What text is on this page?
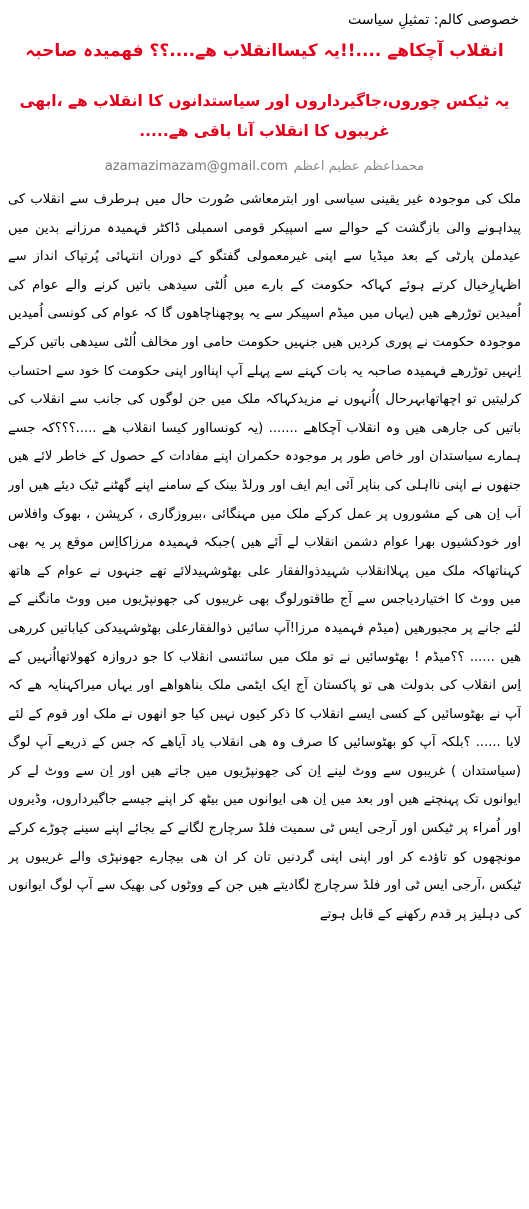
خصوصی کالم: تمثیلِ سیاست
انقلاب آچکاھے ....!!یہ کیساانقلاب ھے....؟؟ فھمیدہ صاحبہ
یہ ٹیکس چوروں،جاگیرداروں اور سیاستدانوں کا انقلاب ھے ،ابھی غریبوں کا انقلاب آنا باقی ھے.....
azamazimazam@gmail.com محمداعظم عظیم اعظم
ملک کی موجودہ غیر یقینی سیاسی اور ابترمعاشی صُورت حال میں ہرطرف سے انقلاب کی پیداہونے والی بازگشت کے حوالے سے اسپیکر قومی اسمبلی ڈاکٹر فہمیدہ مرزانے بدین میں عیدملن پارٹی کے بعد میڈیا سے اپنی غیرمعمولی گفتگو کے دوران انتہائی پُرتپاک انداز سے اظہارِخیال کرتے ہوئے کہاکہ حکومت کے بارے میں اُلٹی سیدھی باتیں کرنے والے عوام کی اُمیدیں توڑرھے ھیں (یہاں میں میڈم اسپیکر سے یہ پوچھناچاھوں گا کہ عوام کی کونسی اُمیدیں موجودہ حکومت نے پوری کردیں ھیں جنہیں حکومت حامی اور مخالف اُلٹی سیدھی باتیں کرکے اِنہیں توڑرھے فہمیدہ صاحبہ یہ بات کہنے سے پہلے آپ اپنااور اپنی حکومت کا خود سے احتساب کرلیتیں تو اچھاتھابہرحال )اُنہوں نے مزیدکہاکہ ملک میں جن لوگوں کی جانب سے انقلاب کی باتیں کی جارھی ھیں وہ انقلاب آچکاھے ....... (یہ کونسااور کیسا انقلاب ھے .....؟؟؟کہ جسے ہمارے سیاستدان اور خاص طور پر موجودہ حکمران اپنے مفادات کے حصول کے خاطر لائے ھیں جنھوں نے اپنی نااہلی کی بناپر آئی ایم ایف اور ورلڈ بینک کے سامنے اپنے گھٹنے ٹیک دیئے ھیں اور اَب اِن ھی کے مشوروں پر عمل کرکے ملک میں مہنگائی ،بیروزگاری ، کرپشن ، بھوک وافلاس اور خودکشیوں بھرا عوام دشمن انقلاب لے آئے ھیں )جبکہ فہمیدہ مرزاکااِس موقع پر یہ بھی کہناتھاکہ ملک میں پہلاانقلاب شہیدذوالفقار علی بھٹوشہیدلائے تھے جنہوں نے عوام کے ھاتھ میں ووٹ کا اختیاردیاجس سے آج طاقتورلوگ بھی غریبوں کی جھونپڑیوں میں ووٹ مانگنے کے لئے جانے پر مجبورھیں (میڈم فہمیدہ مرزا!آپ سائیں ذوالفقارعلی بھٹوشہیدکی کیاباتیں کررھی ھیں ...... ؟؟میڈم ! بھٹوسائیں نے تو ملک میں سائنسی انقلاب کا جو دروازہ کھولاتھااُنہیں کے اِس انقلاب کی بدولت ھی تو پاکستان آج ایک ایٹمی ملک بناھواھے اور یہاں میراکہنایہ ھے کہ آپ نے بھٹوسائیں کے کسی ایسے انقلاب کا ذکر کیوں نہیں کیا جو انھوں نے ملک اور قوم کے لئے لایا ...... ؟بلکہ آپ کو بھٹوسائیں کا صرف وہ ھی انقلاب یاد آیاھے کہ جس کے ذریعے آپ لوگ (سیاستدان ) غریبوں سے ووٹ لینے اِن کی جھونپڑیوں میں جاتے ھیں اور اِن سے ووٹ لے کر ایوانوں تک پہنچتے ھیں اور بعد میں اِن ھی ایوانوں میں بیٹھ کر اپنے جیسے جاگیرداروں، وڈیروں اور اُمراء پر ٹیکس اور آرجی ایس ٹی سمیت فلڈ سرچارج لگانے کے بجائے اپنے سینے چوڑے کرکے مونچھوں کو تاؤدے کر اور اپنی اپنی گردنیں تان کر ان ھی بیچارے جھونپڑی والے غریبوں پر ٹیکس ،آرجی ایس ٹی اور فلڈ سرچارج لگادیتے ھیں جن کے ووٹوں کی بھیک سے آپ لوگ ایوانوں کی دہلیز پر قدم رکھنے کے قابل ہوتے
